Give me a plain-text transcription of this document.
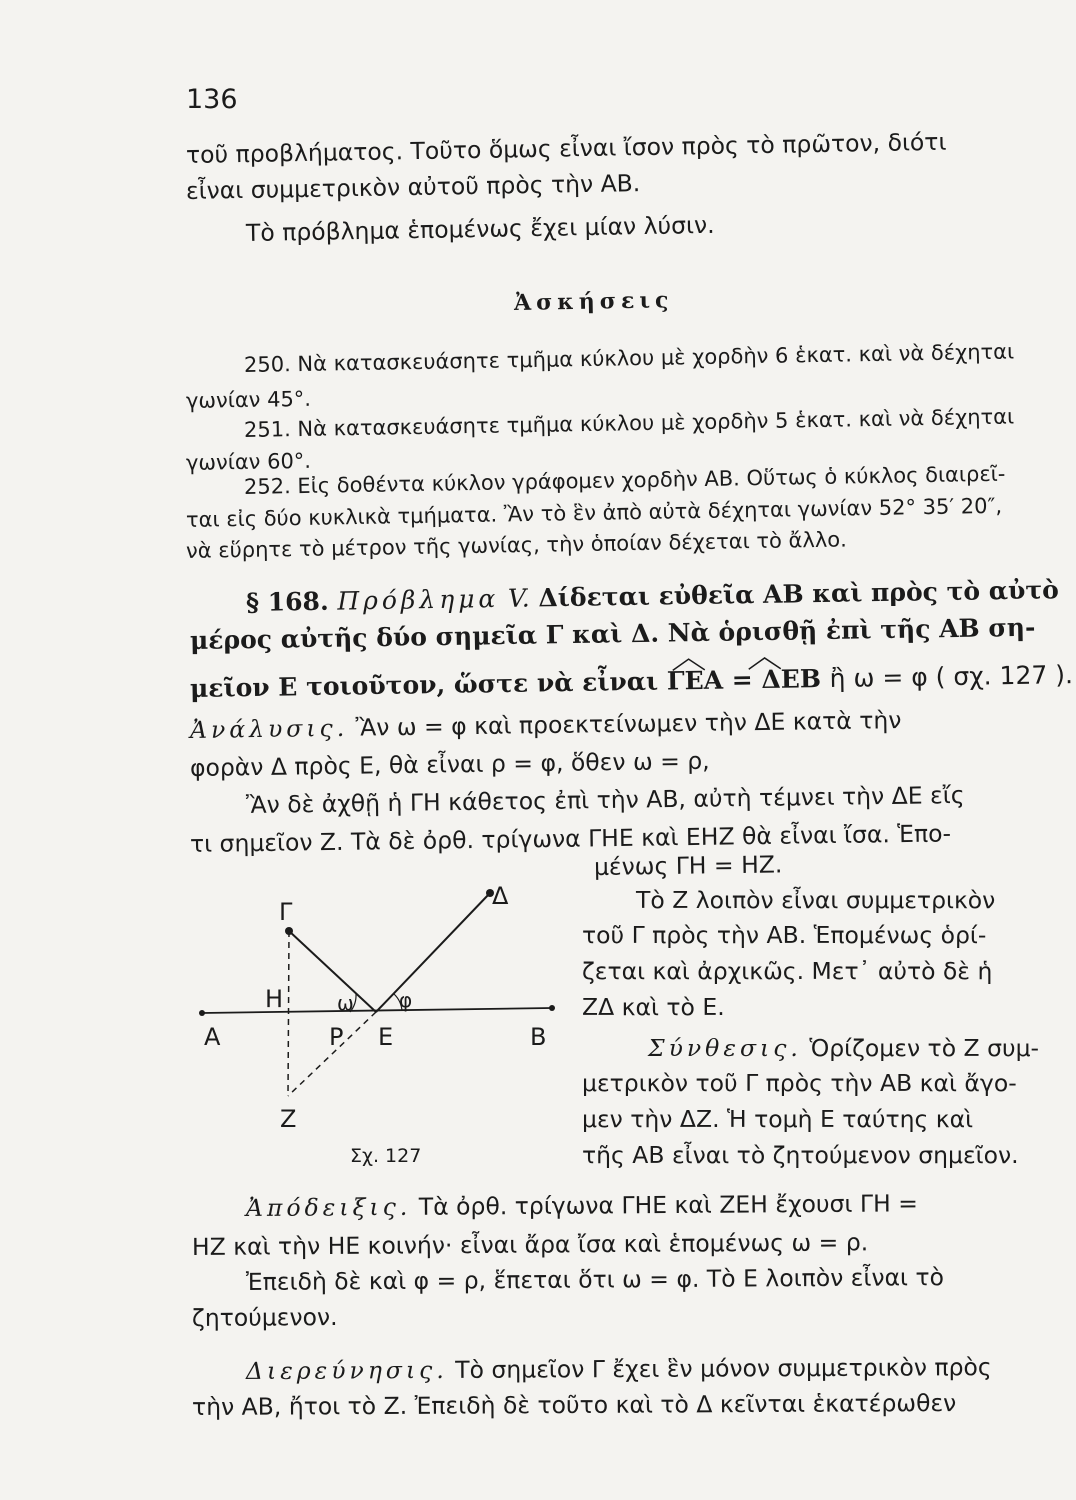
136
τοῦ προβλήματος. Τοῦτο ὅμως εἶναι ἴσον πρὸς τὸ πρῶτον, διότι
εἶναι συμμετρικὸν αὐτοῦ πρὸς τὴν ΑΒ.
Τὸ πρόβλημα ἑπομένως ἔχει μίαν λύσιν.
Ἀσκήσεις
250. Νὰ κατασκευάσητε τμῆμα κύκλου μὲ χορδὴν 6 ἑκατ. καὶ νὰ δέχηται
γωνίαν 45°.
251. Νὰ κατασκευάσητε τμῆμα κύκλου μὲ χορδὴν 5 ἑκατ. καὶ νὰ δέχηται
γωνίαν 60°.
252. Εἰς δοθέντα κύκλον γράφομεν χορδὴν ΑΒ. Οὕτως ὁ κύκλος διαιρεῖ-
ται εἰς δύο κυκλικὰ τμήματα. Ἂν τὸ ἓν ἀπὸ αὐτὰ δέχηται γωνίαν 52° 35′ 20″,
νὰ εὕρητε τὸ μέτρον τῆς γωνίας, τὴν ὁποίαν δέχεται τὸ ἄλλο.
§ 168. Πρόβλημα V. Δίδεται εὐθεῖα ΑΒ καὶ πρὸς τὸ αὐτὸ
μέρος αὐτῆς δύο σημεῖα Γ καὶ Δ. Νὰ ὁρισθῇ ἐπὶ τῆς ΑΒ ση-
μεῖον Ε τοιοῦτον, ὥστε νὰ εἶναι ΓΕΑ = ΔΕΒ ἢ ω = φ ( σχ. 127 ).
Ἀνάλυσις. Ἂν ω = φ καὶ προεκτείνωμεν τὴν ΔΕ κατὰ τὴν
φορὰν Δ πρὸς Ε, θὰ εἶναι ρ = φ, ὅθεν ω = ρ,
Ἂν δὲ ἀχθῇ ἡ ΓΗ κάθετος ἐπὶ τὴν ΑΒ, αὐτὴ τέμνει τὴν ΔΕ εἴς
τι σημεῖον Ζ. Τὰ δὲ ὀρθ. τρίγωνα ΓΗΕ καὶ ΕΗΖ θὰ εἶναι ἴσα. Ἑπο-
μένως ΓΗ = ΗΖ.
Τὸ Ζ λοιπὸν εἶναι συμμετρικὸν
τοῦ Γ πρὸς τὴν ΑΒ. Ἑπομένως ὁρί-
ζεται καὶ ἀρχικῶς. Μετ᾽ αὐτὸ δὲ ἡ
ΖΔ καὶ τὸ Ε.
Σύνθεσις. Ὁρίζομεν τὸ Ζ συμ-
μετρικὸν τοῦ Γ πρὸς τὴν ΑΒ καὶ ἄγο-
μεν τὴν ΔΖ. Ἡ τομὴ Ε ταύτης καὶ
τῆς ΑΒ εἶναι τὸ ζητούμενον σημεῖον.
Ἀπόδειξις. Τὰ ὀρθ. τρίγωνα ΓΗΕ καὶ ΖΕΗ ἔχουσι ΓΗ =
ΗΖ καὶ τὴν ΗΕ κοινήν· εἶναι ἄρα ἴσα καὶ ἑπομένως ω = ρ.
Ἐπειδὴ δὲ καὶ φ = ρ, ἕπεται ὅτι ω = φ. Τὸ Ε λοιπὸν εἶναι τὸ
ζητούμενον.
Διερεύνησις. Τὸ σημεῖον Γ ἔχει ἓν μόνον συμμετρικὸν πρὸς
τὴν ΑΒ, ἤτοι τὸ Ζ. Ἐπειδὴ δὲ τοῦτο καὶ τὸ Δ κεῖνται ἑκατέρωθεν
Γ
Δ
Η	ω φ
Α	Ρ Ε	Β
Ζ
Σχ. 127
